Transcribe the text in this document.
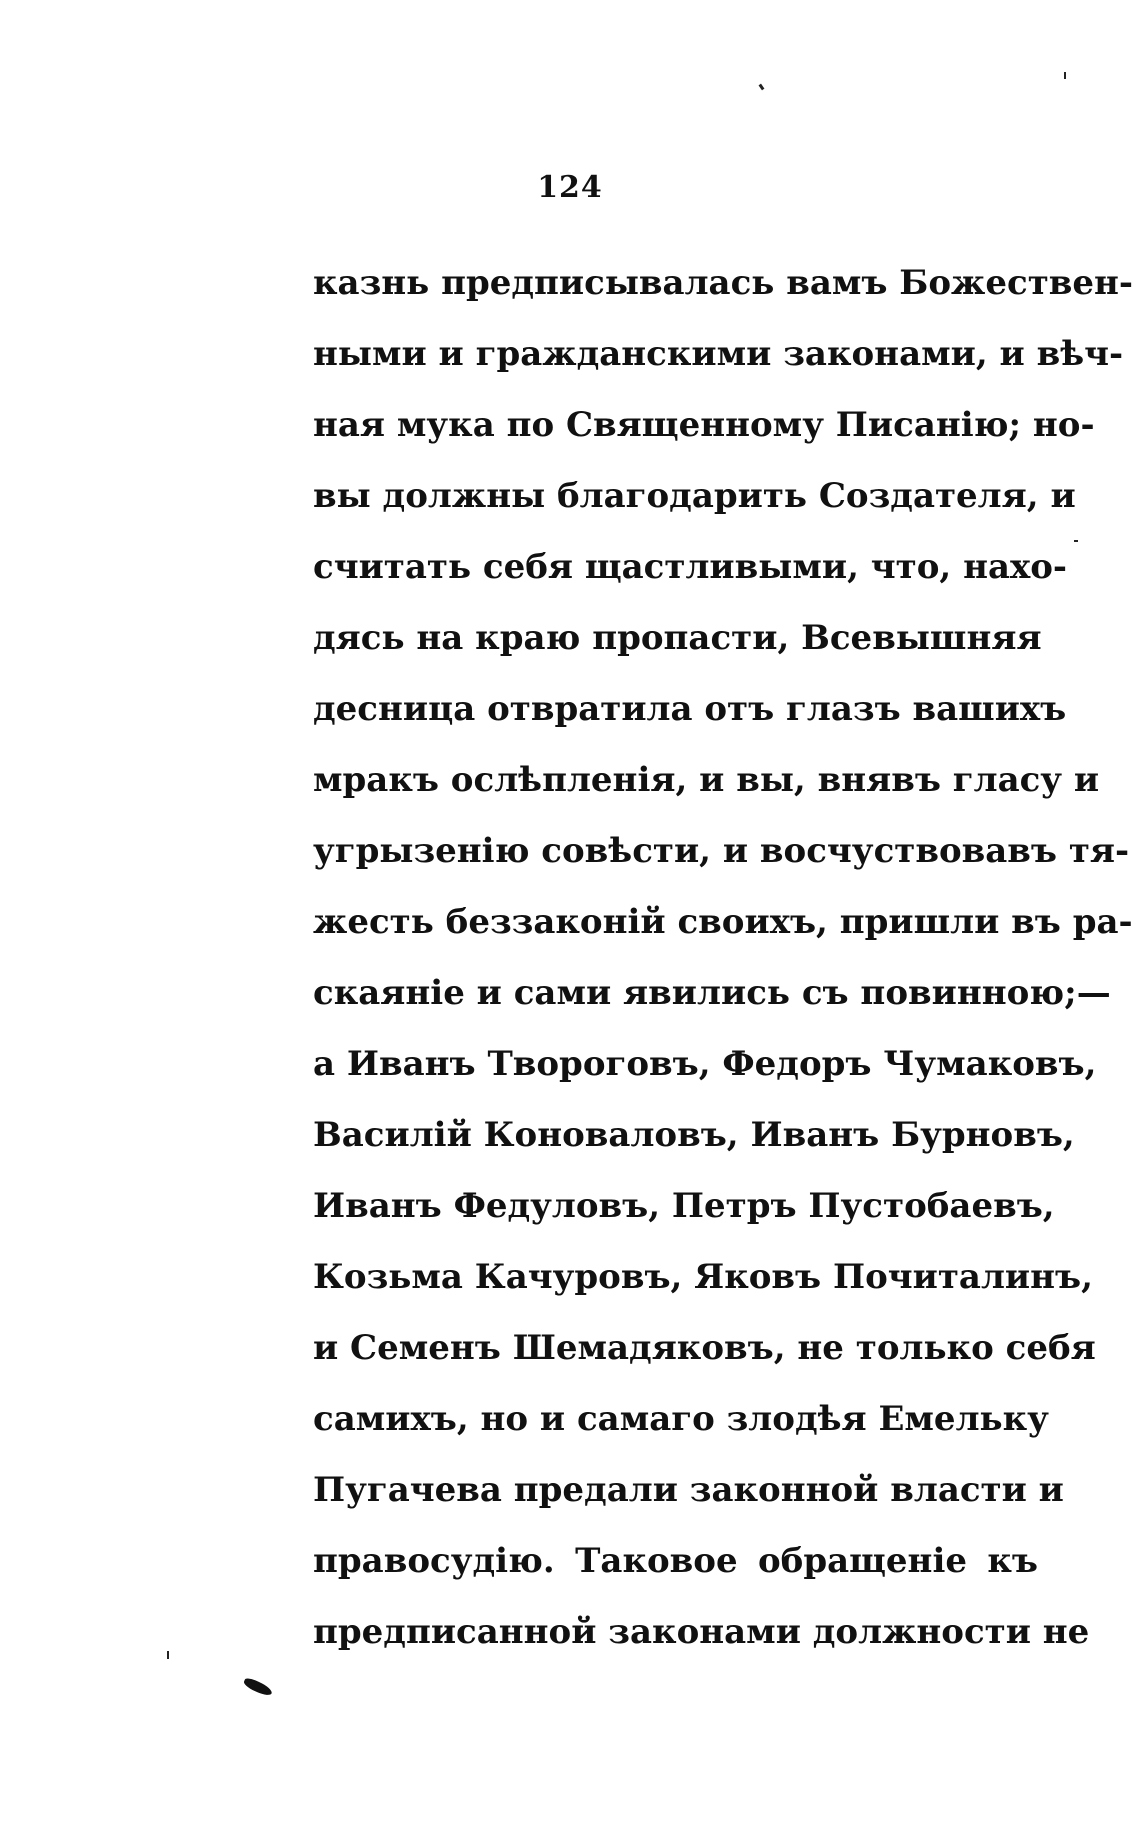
124
казнь предписывалась вамъ Божествен-
ными и гражданскими законами, и вѣч-
ная мука по Священному Писанію; но-
вы должны благодарить Создателя, и
считать себя щастливыми, что, нахо-
дясь на краю пропасти, Всевышняя
десница отвратила отъ глазъ вашихъ
мракъ ослѣпленія, и вы, внявъ гласу и
угрызенію совѣсти, и восчуствовавъ тя-
жесть беззаконій своихъ, пришли въ ра-
скаяніе и сами явились съ повинною;—
а Иванъ Твороговъ, Федоръ Чумаковъ,
Василій Коноваловъ, Иванъ Бурновъ,
Иванъ Федуловъ, Петръ Пустобаевъ,
Козьма Качуровъ, Яковъ Почиталинъ,
и Семенъ Шемадяковъ, не только себя
самихъ, но и самаго злодѣя Емельку
Пугачева предали законной власти и
правосудію. Таковое обращеніе къ
предписанной законами должности не
